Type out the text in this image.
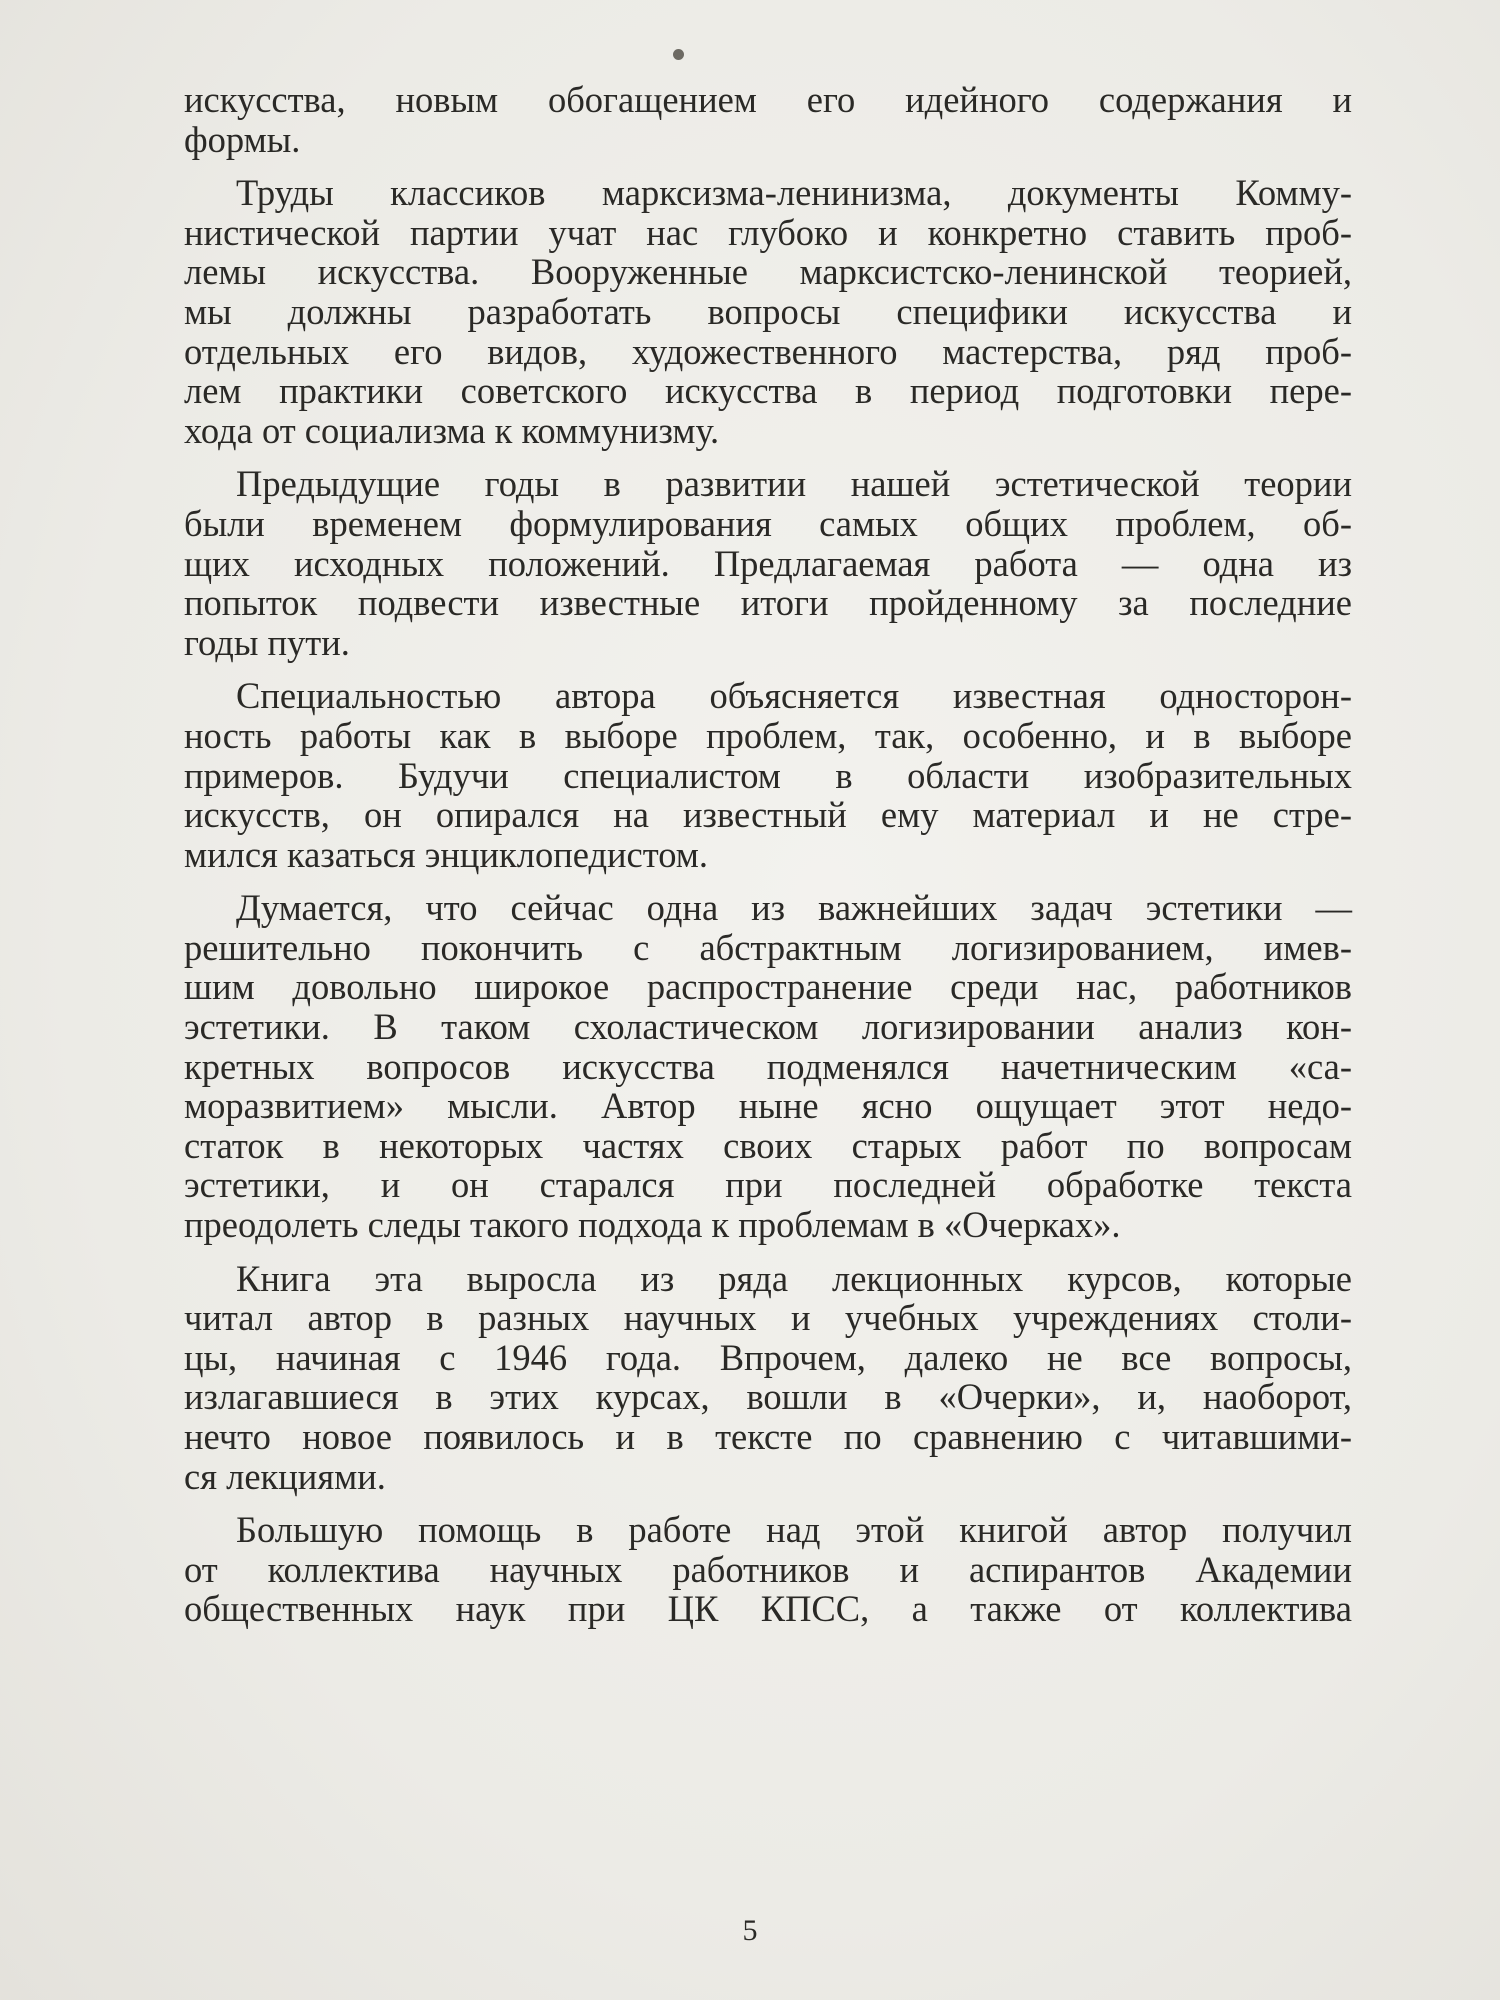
искусства, новым обогащением его идейного содержания и
формы.
Труды классиков марксизма-ленинизма, документы Комму-
нистической партии учат нас глубоко и конкретно ставить проб-
лемы искусства. Вооруженные марксистско-ленинской теорией,
мы должны разработать вопросы специфики искусства и
отдельных его видов, художественного мастерства, ряд проб-
лем практики советского искусства в период подготовки пере-
хода от социализма к коммунизму.
Предыдущие годы в развитии нашей эстетической теории
были временем формулирования самых общих проблем, об-
щих исходных положений. Предлагаемая работа — одна из
попыток подвести известные итоги пройденному за последние
годы пути.
Специальностью автора объясняется известная односторон-
ность работы как в выборе проблем, так, особенно, и в выборе
примеров. Будучи специалистом в области изобразительных
искусств, он опирался на известный ему материал и не стре-
мился казаться энциклопедистом.
Думается, что сейчас одна из важнейших задач эстетики —
решительно покончить с абстрактным логизированием, имев-
шим довольно широкое распространение среди нас, работников
эстетики. В таком схоластическом логизировании анализ кон-
кретных вопросов искусства подменялся начетническим «са-
моразвитием» мысли. Автор ныне ясно ощущает этот недо-
статок в некоторых частях своих старых работ по вопросам
эстетики, и он старался при последней обработке текста
преодолеть следы такого подхода к проблемам в «Очерках».
Книга эта выросла из ряда лекционных курсов, которые
читал автор в разных научных и учебных учреждениях столи-
цы, начиная с 1946 года. Впрочем, далеко не все вопросы,
излагавшиеся в этих курсах, вошли в «Очерки», и, наоборот,
нечто новое появилось и в тексте по сравнению с читавшими-
ся лекциями.
Большую помощь в работе над этой книгой автор получил
от коллектива научных работников и аспирантов Академии
общественных наук при ЦК КПСС, а также от коллектива
5
